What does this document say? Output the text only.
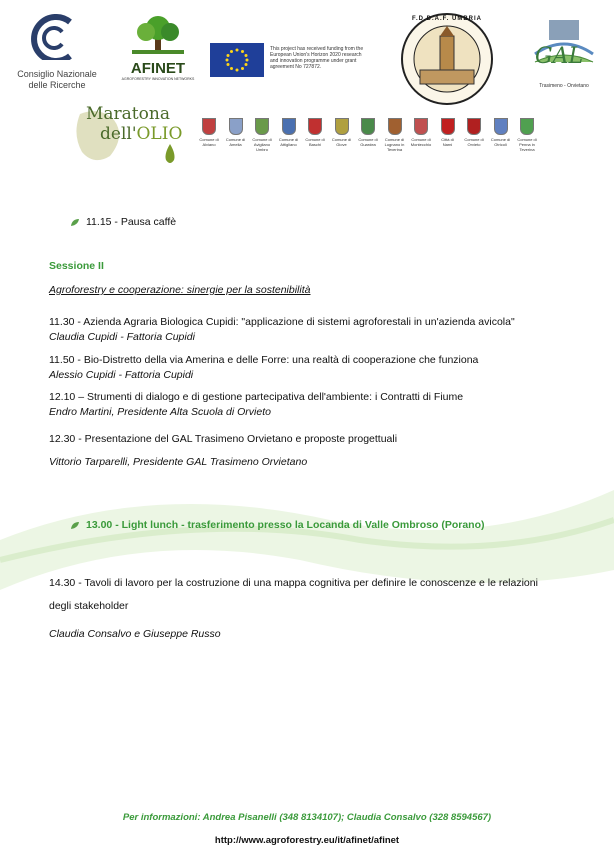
Consiglio Nazionale
delle Ricerche
AFINET
AGROFORESTRY INNOVATION NETWORKS
This project has received funding from the European Union's Horizon 2020 research and innovation programme under grant agreement No 727872.
F.D.D.A.F. UMBRIA
GAL
Trasimeno - Orvietano
Maratona
dell'OLIO	Comune di Alviano
Comune di Amelia
Comune di Avigliano Umbro
Comune di Attigliano
Comune di Baschi
Comune di Giove
Comune di Guardea
Comune di Lugnano in Teverina
Comune di Montecchio
Città di Narni
Comune di Orvieto
Comune di Otricoli
Comune di Penna in Teverina
11.15 - Pausa caffè
Sessione II
Agroforestry e cooperazione: sinergie per la sostenibilità
11.30 - Azienda Agraria Biologica Cupidi: "applicazione di sistemi agroforestali in un'azienda avicola"
Claudia Cupidi - Fattoria Cupidi
11.50 - Bio-Distretto della via Amerina e delle Forre: una realtà di cooperazione che funziona
Alessio Cupidi - Fattoria Cupidi
12.10 – Strumenti di dialogo e di gestione partecipativa dell'ambiente: i Contratti di Fiume
Endro Martini, Presidente Alta Scuola di Orvieto
12.30 - Presentazione del GAL Trasimeno Orvietano e proposte progettuali
Vittorio Tarparelli, Presidente GAL Trasimeno Orvietano
13.00 - Light lunch - trasferimento presso la Locanda di Valle Ombroso (Porano)
14.30 - Tavoli di lavoro per la costruzione di una mappa cognitiva per definire le conoscenze e le relazioni
degli stakeholder
Claudia Consalvo e Giuseppe Russo
Per informazioni: Andrea Pisanelli (348 8134107); Claudia Consalvo (328 8594567)
http://www.agroforestry.eu/it/afinet/afinet
